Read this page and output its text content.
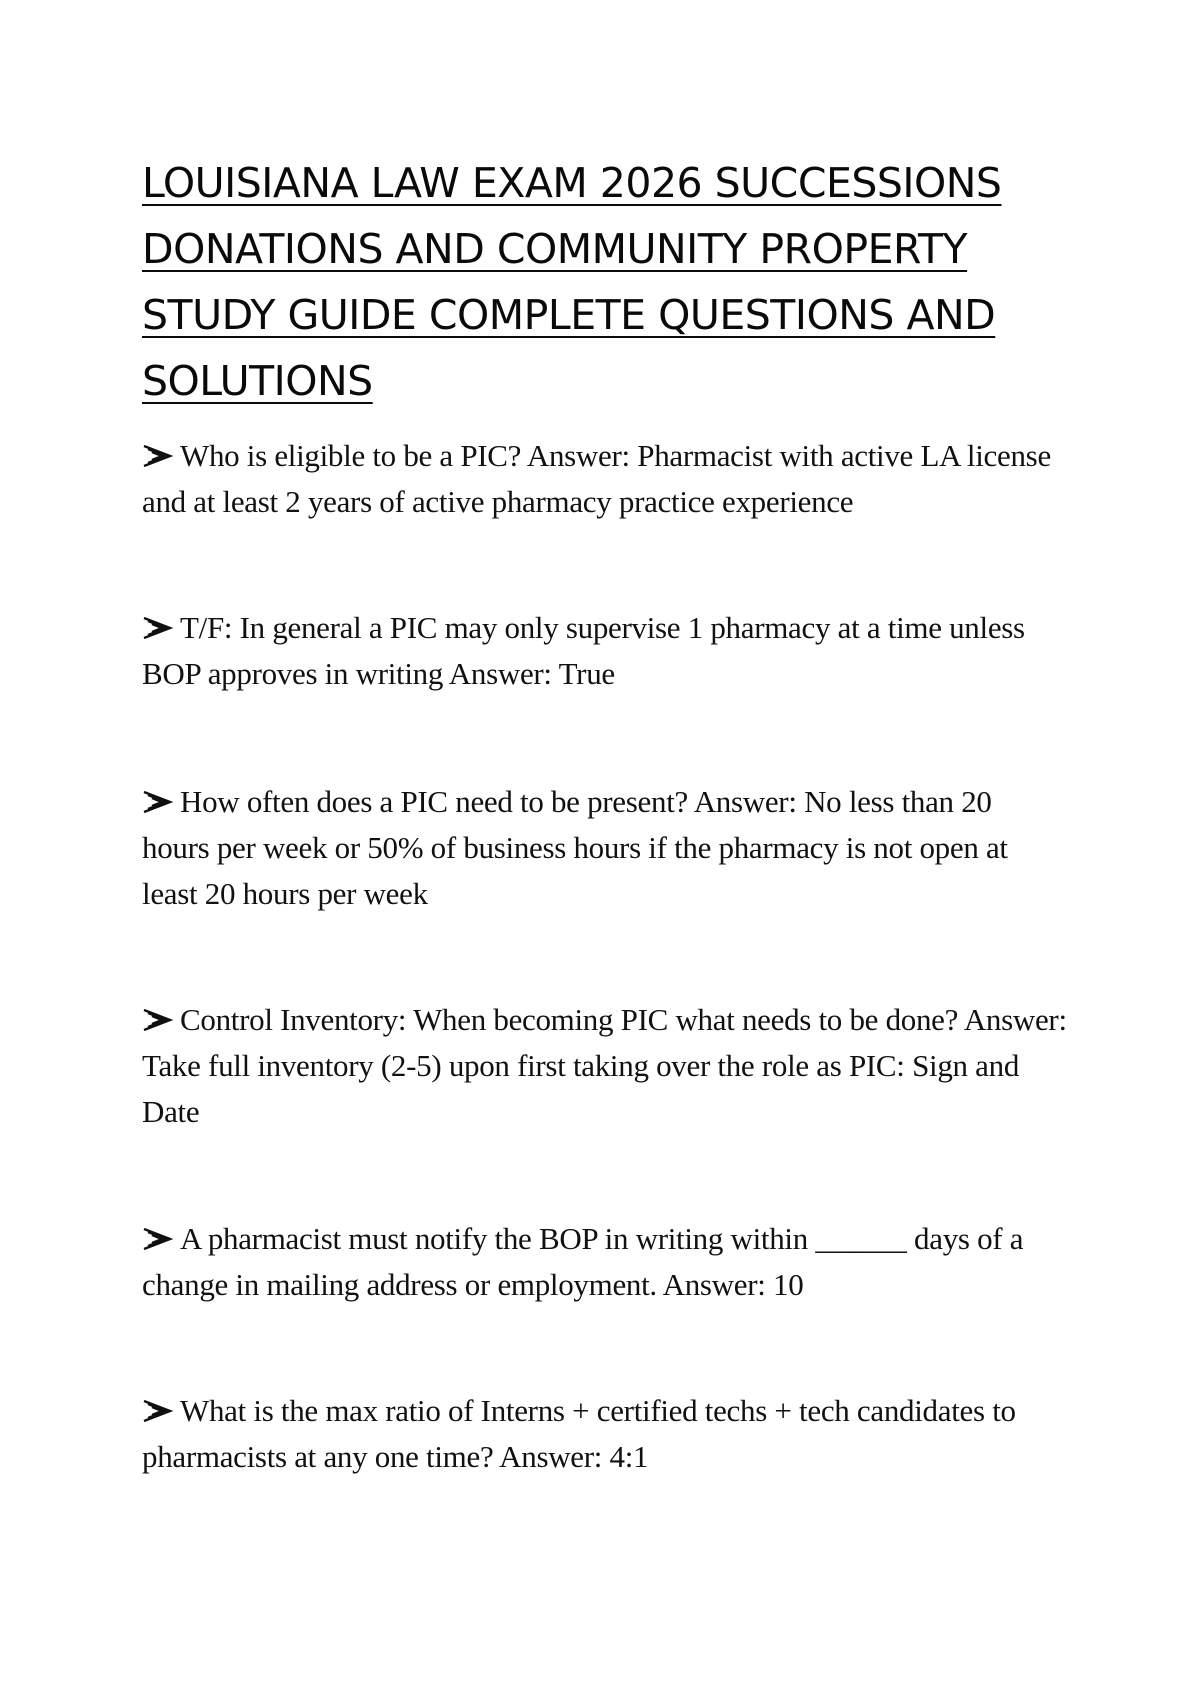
LOUISIANA LAW EXAM 2026 SUCCESSIONS
DONATIONS AND COMMUNITY PROPERTY
STUDY GUIDE COMPLETE QUESTIONS AND
SOLUTIONS
Who is eligible to be a PIC? Answer: Pharmacist with active LA license and at least 2 years of active pharmacy practice experience
T/F: In general a PIC may only supervise 1 pharmacy at a time unless BOP approves in writing Answer: True
How often does a PIC need to be present? Answer: No less than 20 hours per week or 50% of business hours if the pharmacy is not open at least 20 hours per week
Control Inventory: When becoming PIC what needs to be done? Answer: Take full inventory (2-5) upon first taking over the role as PIC: Sign and Date
A pharmacist must notify the BOP in writing within ______ days of a change in mailing address or employment. Answer: 10
What is the max ratio of Interns + certified techs + tech candidates to pharmacists at any one time? Answer: 4:1
